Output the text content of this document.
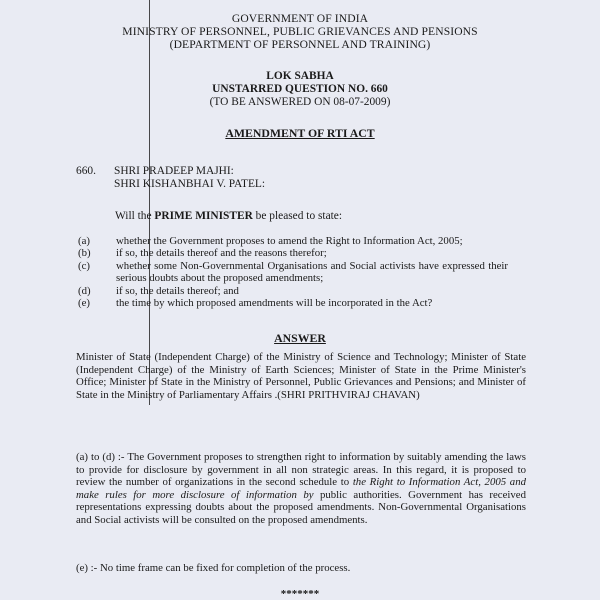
GOVERNMENT OF INDIA
MINISTRY OF PERSONNEL, PUBLIC GRIEVANCES AND PENSIONS
(DEPARTMENT OF PERSONNEL AND TRAINING)
LOK SABHA
UNSTARRED QUESTION NO. 660
(TO BE ANSWERED ON 08-07-2009)
AMENDMENT OF RTI ACT
660. SHRI PRADEEP MAJHI:
SHRI KISHANBHAI V. PATEL:
Will the PRIME MINISTER be pleased to state:
(a) whether the Government proposes to amend the Right to Information Act, 2005;
(b) if so, the details thereof and the reasons therefor;
(c) whether some Non-Governmental Organisations and Social activists have expressed their serious doubts about the proposed amendments;
(d) if so, the details thereof; and
(e) the time by which proposed amendments will be incorporated in the Act?
ANSWER
Minister of State (Independent Charge) of the Ministry of Science and Technology; Minister of State (Independent Charge) of the Ministry of Earth Sciences; Minister of State in the Prime Minister's Office; Minister of State in the Ministry of Personnel, Public Grievances and Pensions; and Minister of State in the Ministry of Parliamentary Affairs .(SHRI PRITHVIRAJ CHAVAN)
(a) to (d) :- The Government proposes to strengthen right to information by suitably amending the laws to provide for disclosure by government in all non strategic areas. In this regard, it is proposed to review the number of organizations in the second schedule to the Right to Information Act, 2005 and make rules for more disclosure of information by public authorities. Government has received representations expressing doubts about the proposed amendments. Non-Governmental Organisations and Social activists will be consulted on the proposed amendments.
(e) :- No time frame can be fixed for completion of the process.
*******
